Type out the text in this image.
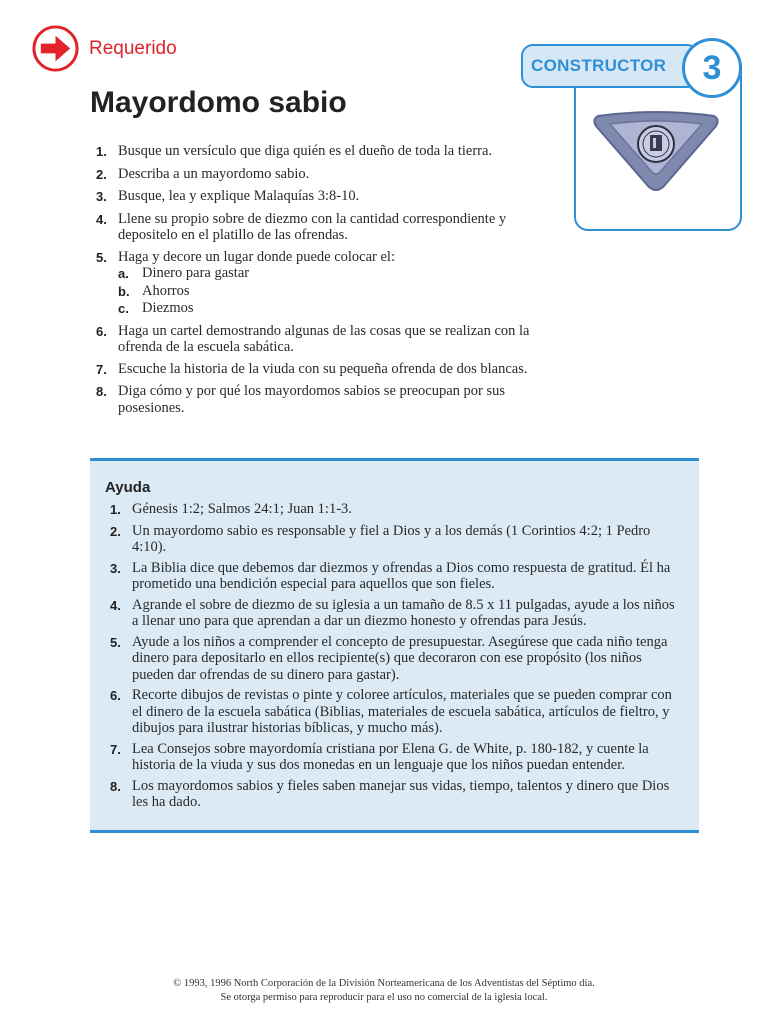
Requerido
CONSTRUCTOR	3
Mayordomo sabio
1. Busque un versículo que diga quién es el dueño de toda la tierra.
2. Describa a un mayordomo sabio.
3. Busque, lea y explique Malaquías 3:8-10.
4. Llene su propio sobre de diezmo con la cantidad correspondiente y depositelo en el platillo de las ofrendas.
5. Haga y decore un lugar donde puede colocar el:
a. Dinero para gastar
b. Ahorros
c. Diezmos
6. Haga un cartel demostrando algunas de las cosas que se realizan con la ofrenda de la escuela sabática.
7. Escuche la historia de la viuda con su pequeña ofrenda de dos blancas.
8. Diga cómo y por qué los mayordomos sabios se preocupan por sus posesiones.
Ayuda
1. Génesis 1:2; Salmos 24:1; Juan 1:1-3.
2. Un mayordomo sabio es responsable y fiel a Dios y a los demás (1 Corintios 4:2; 1 Pedro 4:10).
3. La Biblia dice que debemos dar diezmos y ofrendas a Dios como respuesta de gratitud. Él ha prometido una bendición especial para aquellos que son fieles.
4. Agrande el sobre de diezmo de su iglesia a un tamaño de 8.5 x 11 pulgadas, ayude a los niños a llenar uno para que aprendan a dar un diezmo honesto y ofrendas para Jesús.
5. Ayude a los niños a comprender el concepto de presupuestar. Asegúrese que cada niño tenga dinero para depositarlo en ellos recipiente(s) que decoraron con ese propósito (los niños pueden dar ofrendas de su dinero para gastar).
6. Recorte dibujos de revistas o pinte y coloree artículos, materiales que se pueden comprar con el dinero de la escuela sabática (Biblias, materiales de escuela sabática, artículos de fieltro, y dibujos para ilustrar historias bíblicas, y mucho más).
7. Lea Consejos sobre mayordomía cristiana por Elena G. de White, p. 180-182, y cuente la historia de la viuda y sus dos monedas en un lenguaje que los niños puedan entender.
8. Los mayordomos sabios y fieles saben manejar sus vidas, tiempo, talentos y dinero que Dios les ha dado.
© 1993, 1996 North Corporación de la División Norteamericana de los Adventistas del Séptimo día.
Se otorga permiso para reproducir para el uso no comercial de la iglesia local.
